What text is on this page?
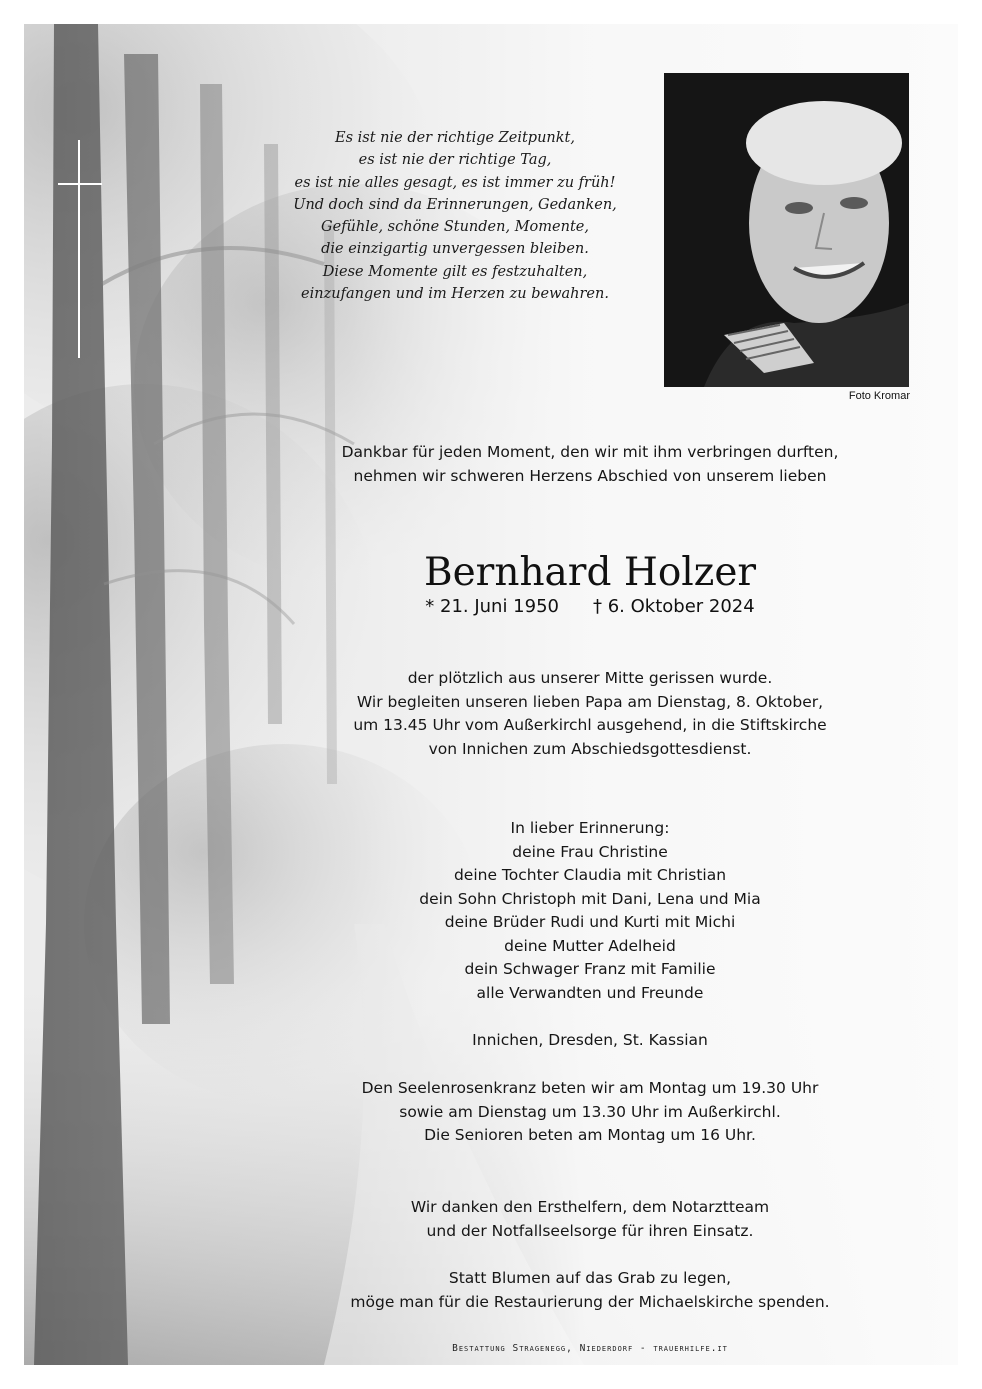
Es ist nie der richtige Zeitpunkt,
es ist nie der richtige Tag,
es ist nie alles gesagt, es ist immer zu früh!
Und doch sind da Erinnerungen, Gedanken,
Gefühle, schöne Stunden, Momente,
die einzigartig unvergessen bleiben.
Diese Momente gilt es festzuhalten,
einzufangen und im Herzen zu bewahren.
Foto Kromar
Dankbar für jeden Moment, den wir mit ihm verbringen durften,
nehmen wir schweren Herzens Abschied von unserem lieben
Bernhard Holzer
* 21. Juni 1950 † 6. Oktober 2024
der plötzlich aus unserer Mitte gerissen wurde.
Wir begleiten unseren lieben Papa am Dienstag, 8. Oktober,
um 13.45 Uhr vom Außerkirchl ausgehend, in die Stiftskirche
von Innichen zum Abschiedsgottesdienst.
In lieber Erinnerung:
deine Frau Christine
deine Tochter Claudia mit Christian
dein Sohn Christoph mit Dani, Lena und Mia
deine Brüder Rudi und Kurti mit Michi
deine Mutter Adelheid
dein Schwager Franz mit Familie
alle Verwandten und Freunde
Innichen, Dresden, St. Kassian
Den Seelenrosenkranz beten wir am Montag um 19.30 Uhr
sowie am Dienstag um 13.30 Uhr im Außerkirchl.
Die Senioren beten am Montag um 16 Uhr.
Wir danken den Ersthelfern, dem Notarztteam
und der Notfallseelsorge für ihren Einsatz.
Statt Blumen auf das Grab zu legen,
möge man für die Restaurierung der Michaelskirche spenden.
Bestattung Stragenegg, Niederdorf - trauerhilfe.it
